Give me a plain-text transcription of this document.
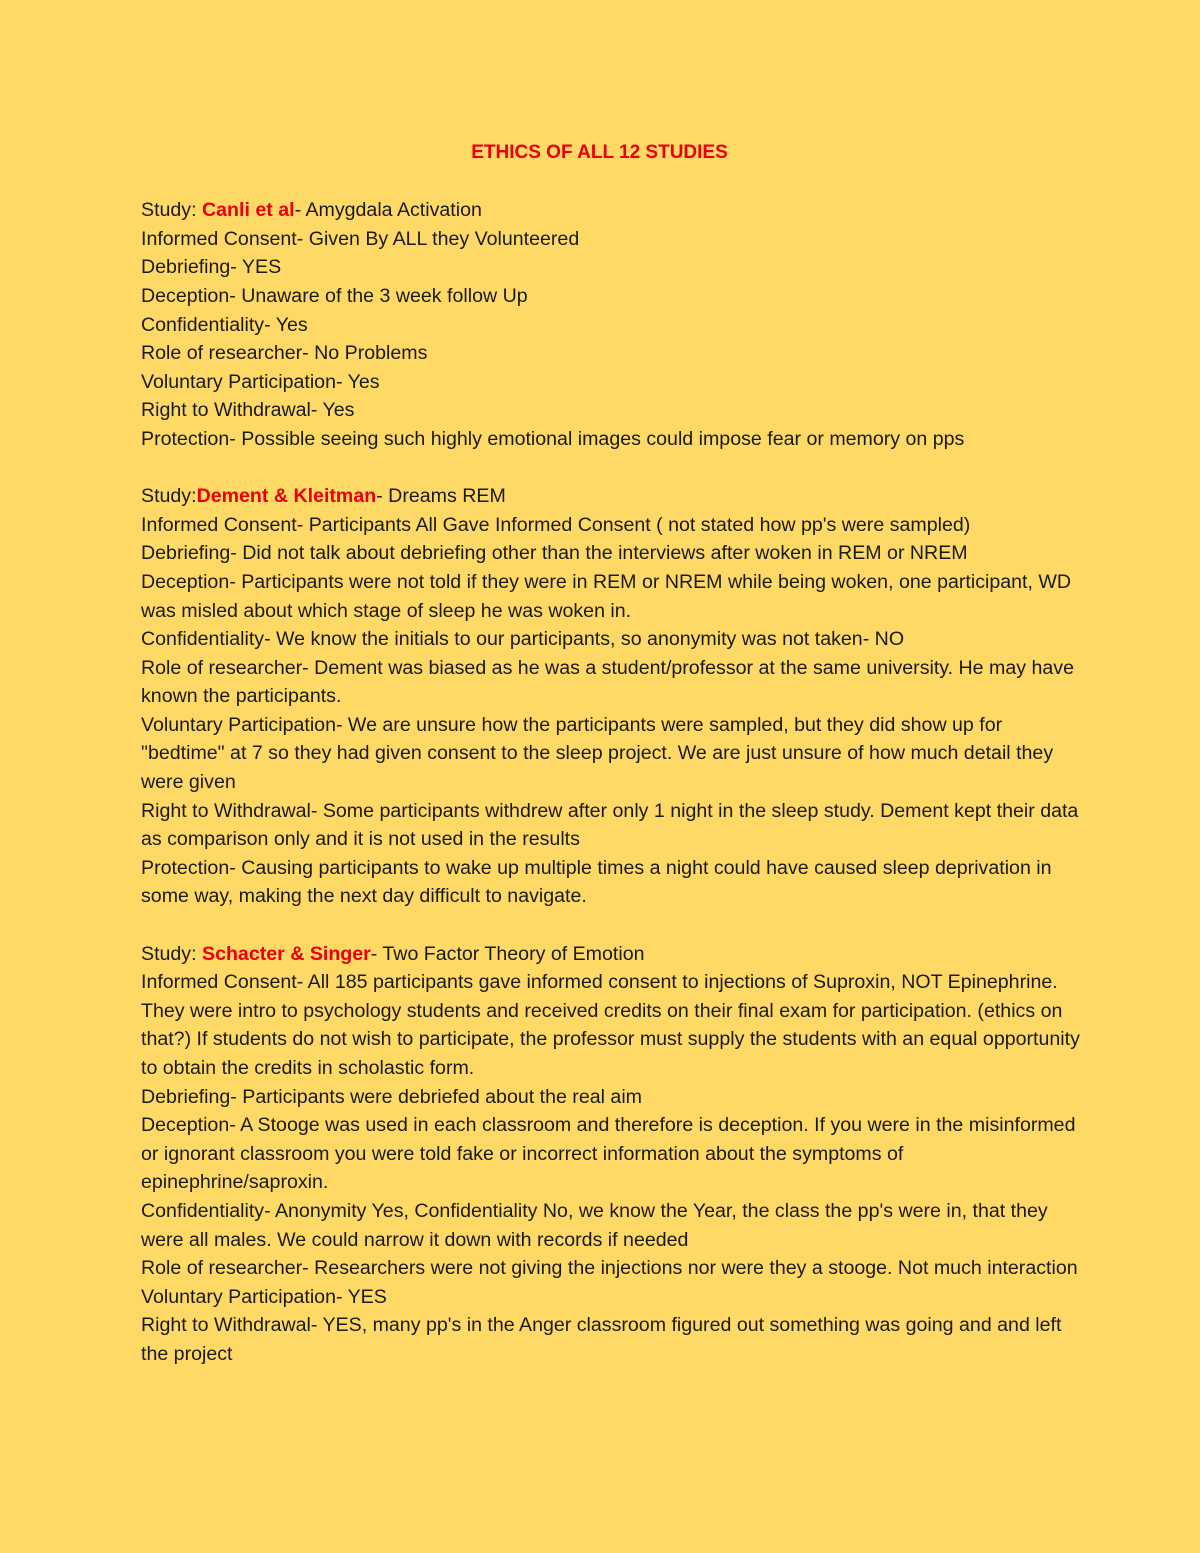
ETHICS OF ALL 12 STUDIES

Study: Canli et al- Amygdala Activation

Informed Consent- Given By ALL they Volunteered

Debriefing- YES

Deception- Unaware of the 3 week follow Up

Confidentiality- Yes

Role of researcher- No Problems

Voluntary Participation- Yes

Right to Withdrawal- Yes

Protection- Possible seeing such highly emotional images could impose fear or memory on pps

Study:Dement & Kleitman- Dreams REM

Informed Consent- Participants All Gave Informed Consent ( not stated how pp's were sampled)

Debriefing- Did not talk about debriefing other than the interviews after woken in REM or NREM

Deception- Participants were not told if they were in REM or NREM while being woken, one participant, WD was misled about which stage of sleep he was woken in.

Confidentiality- We know the initials to our participants, so anonymity was not taken- NO

Role of researcher- Dement was biased as he was a student/professor at the same university. He may have known the participants.

Voluntary Participation- We are unsure how the participants were sampled, but they did show up for "bedtime" at 7 so they had given consent to the sleep project. We are just unsure of how much detail they were given

Right to Withdrawal- Some participants withdrew after only 1 night in the sleep study. Dement kept their data as comparison only and it is not used in the results

Protection- Causing participants to wake up multiple times a night could have caused sleep deprivation in some way, making the next day difficult to navigate.

Study: Schacter & Singer- Two Factor Theory of Emotion

Informed Consent- All 185 participants gave informed consent to injections of Suproxin, NOT Epinephrine. They were intro to psychology students and received credits on their final exam for participation. (ethics on that?) If students do not wish to participate, the professor must supply the students with an equal opportunity to obtain the credits in scholastic form.

Debriefing- Participants were debriefed about the real aim

Deception- A Stooge was used in each classroom and therefore is deception. If you were in the misinformed or ignorant classroom you were told fake or incorrect information about the symptoms of epinephrine/saproxin.

Confidentiality- Anonymity Yes, Confidentiality No, we know the Year, the class the pp's were in, that they were all males. We could narrow it down with records if needed

Role of researcher- Researchers were not giving the injections nor were they a stooge. Not much interaction

Voluntary Participation- YES

Right to Withdrawal- YES, many pp's in the Anger classroom figured out something was going and and left the project
